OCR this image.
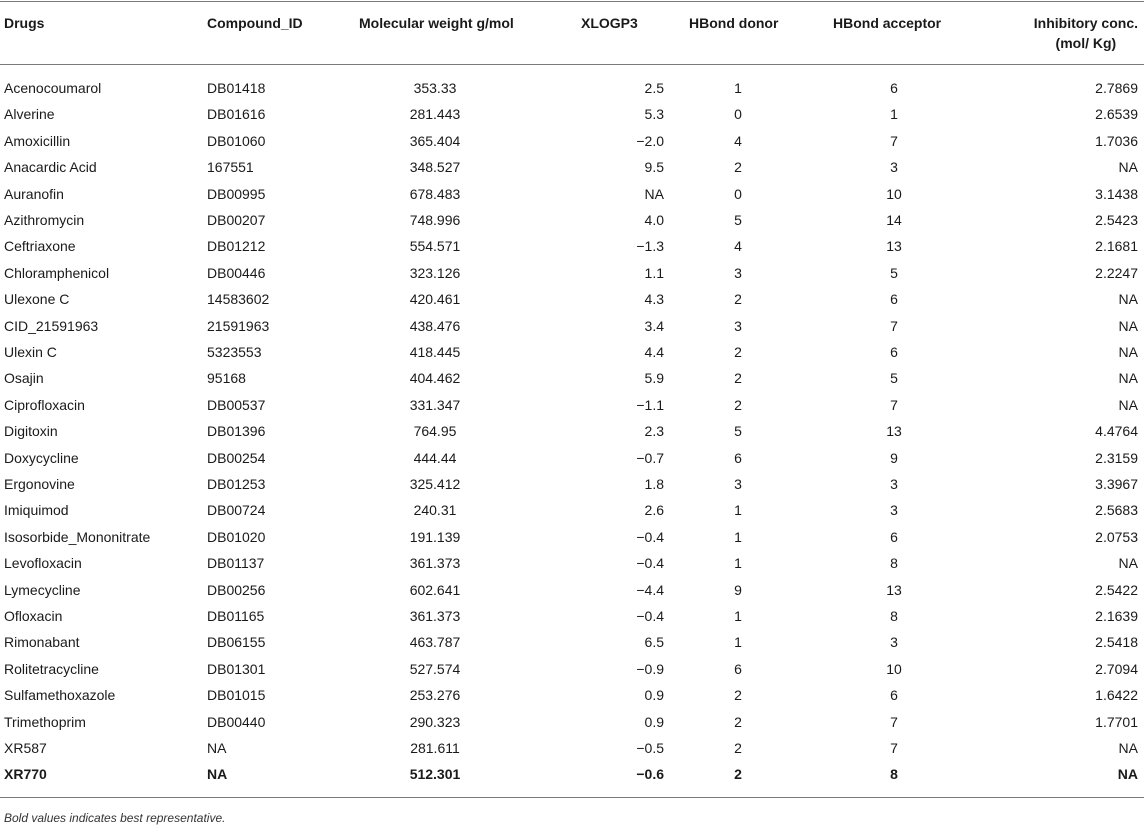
Drugs	Compound_ID	Molecular weight g/mol	XLOGP3	HBond donor	HBond acceptor	Inhibitory conc.
(mol/ Kg)
Acenocoumarol	DB01418	353.33	2.5	1	6	2.7869
Alverine	DB01616	281.443	5.3	0	1	2.6539
Amoxicillin	DB01060	365.404	−2.0	4	7	1.7036
Anacardic Acid	167551	348.527	9.5	2	3	NA
Auranofin	DB00995	678.483	NA	0	10	3.1438
Azithromycin	DB00207	748.996	4.0	5	14	2.5423
Ceftriaxone	DB01212	554.571	−1.3	4	13	2.1681
Chloramphenicol	DB00446	323.126	1.1	3	5	2.2247
Ulexone C	14583602	420.461	4.3	2	6	NA
CID_21591963	21591963	438.476	3.4	3	7	NA
Ulexin C	5323553	418.445	4.4	2	6	NA
Osajin	95168	404.462	5.9	2	5	NA
Ciprofloxacin	DB00537	331.347	−1.1	2	7	NA
Digitoxin	DB01396	764.95	2.3	5	13	4.4764
Doxycycline	DB00254	444.44	−0.7	6	9	2.3159
Ergonovine	DB01253	325.412	1.8	3	3	3.3967
Imiquimod	DB00724	240.31	2.6	1	3	2.5683
Isosorbide_Mononitrate	DB01020	191.139	−0.4	1	6	2.0753
Levofloxacin	DB01137	361.373	−0.4	1	8	NA
Lymecycline	DB00256	602.641	−4.4	9	13	2.5422
Ofloxacin	DB01165	361.373	−0.4	1	8	2.1639
Rimonabant	DB06155	463.787	6.5	1	3	2.5418
Rolitetracycline	DB01301	527.574	−0.9	6	10	2.7094
Sulfamethoxazole	DB01015	253.276	0.9	2	6	1.6422
Trimethoprim	DB00440	290.323	0.9	2	7	1.7701
XR587	NA	281.611	−0.5	2	7	NA
XR770	NA	512.301	−0.6	2	8	NA
Bold values indicates best representative.
